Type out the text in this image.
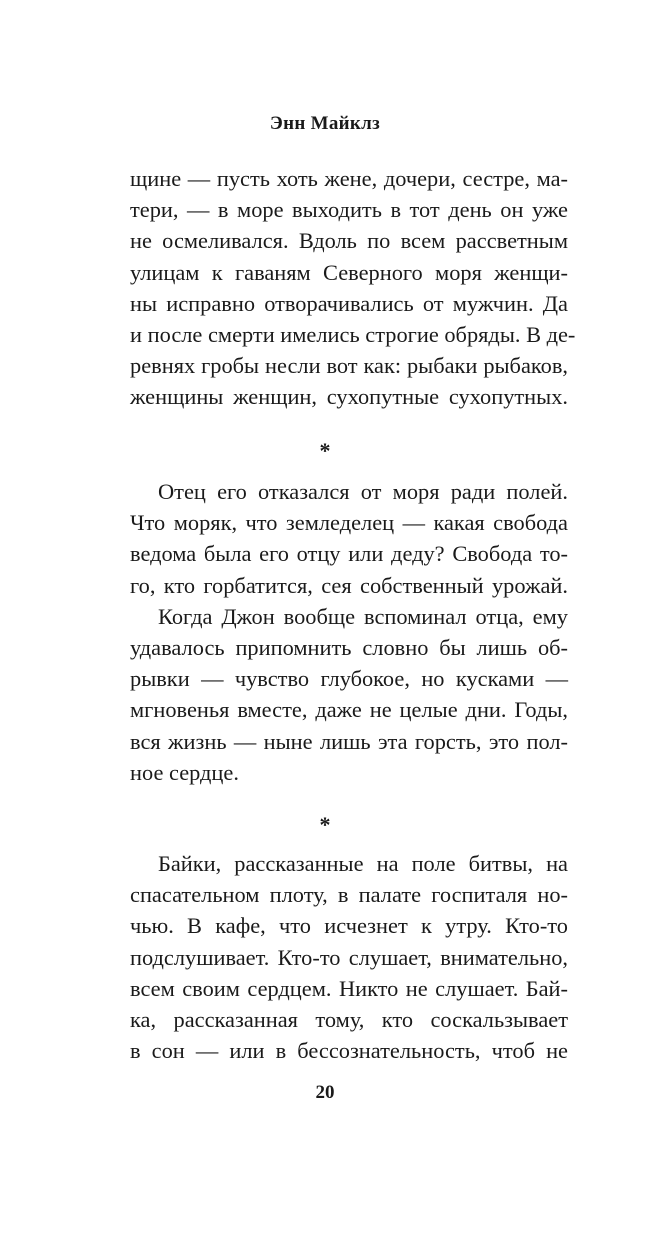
Энн Майклз
щине — пусть хоть жене, дочери, сестре, ма-
тери, — в море выходить в тот день он уже
не осмеливался. Вдоль по всем рассветным
улицам к гаваням Северного моря женщи-
ны исправно отворачивались от мужчин. Да
и после смерти имелись строгие обряды. В де-
ревнях гробы несли вот как: рыбаки рыбаков,
женщины женщин, сухопутные сухопутных.
*
Отец его отказался от моря ради полей.
Что моряк, что земледелец — какая свобода
ведома была его отцу или деду? Свобода то-
го, кто горбатится, сея собственный урожай.
Когда Джон вообще вспоминал отца, ему
удавалось припомнить словно бы лишь об-
рывки — чувство глубокое, но кусками —
мгновенья вместе, даже не целые дни. Годы,
вся жизнь — ныне лишь эта горсть, это пол-
ное сердце.
*
Байки, рассказанные на поле битвы, на
спасательном плоту, в палате госпиталя но-
чью. В кафе, что исчезнет к утру. Кто-то
подслушивает. Кто-то слушает, внимательно,
всем своим сердцем. Никто не слушает. Бай-
ка, рассказанная тому, кто соскальзывает
в сон — или в бессознательность, чтоб не
20
